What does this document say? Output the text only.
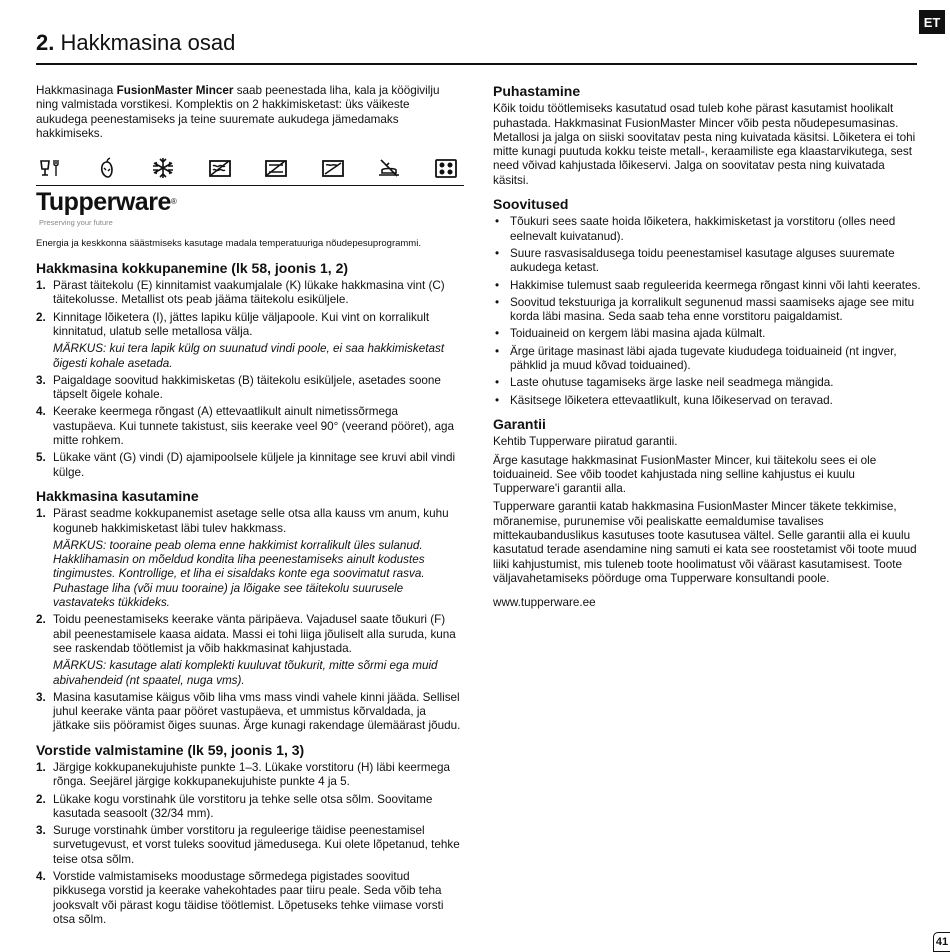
ET
2. Hakkmasina osad

Hakkmasinaga FusionMaster Mincer saab peenestada liha, kala ja köögivilju ning valmistada vorstikesi. Komplektis on 2 hakkimisketast: üks väikeste aukudega peenestamiseks ja teine suuremate aukudega jämedamaks hakkimiseks.

Tupperware®
Preserving your future

Energia ja keskkonna säästmiseks kasutage madala temperatuuriga nõudepesuprogrammi.

Hakkmasina kokkupanemine (lk 58, joonis 1, 2)
1. Pärast täitekolu (E) kinnitamist vaakumjalale (K) lükake hakkmasina vint (C) täitekolusse. Metallist ots peab jääma täitekolu esiküljele.
2. Kinnitage lõiketera (I), jättes lapiku külje väljapoole. Kui vint on korralikult kinnitatud, ulatub selle metallosa välja.

MÄRKUS: kui tera lapik külg on suunatud vindi poole, ei saa hakkimisketast õigesti kohale asetada.

3. Paigaldage soovitud hakkimisketas (B) täitekolu esiküljele, asetades soone täpselt õigele kohale.
4. Keerake keermega rõngast (A) ettevaatlikult ainult nimetissõrmega vastupäeva. Kui tunnete takistust, siis keerake veel 90° (veerand pööret), aga mitte rohkem.
5. Lükake vänt (G) vindi (D) ajamipoolsele küljele ja kinnitage see kruvi abil vindi külge.
Hakkmasina kasutamine
1. Pärast seadme kokkupanemist asetage selle otsa alla kauss vm anum, kuhu koguneb hakkimisketast läbi tulev hakkmass.

MÄRKUS: tooraine peab olema enne hakkimist korralikult üles sulanud. Hakklihamasin on mõeldud kondita liha peenestamiseks ainult kodustes tingimustes. Kontrollige, et liha ei sisaldaks konte ega soovimatut rasva. Puhastage liha (või muu tooraine) ja lõigake see täitekolu suurusele vastavateks tükkideks.

2. Toidu peenestamiseks keerake vänta päripäeva. Vajadusel saate tõukuri (F) abil peenestamisele kaasa aidata. Massi ei tohi liiga jõuliselt alla suruda, kuna see raskendab töötlemist ja võib hakkmasinat kahjustada.

MÄRKUS: kasutage alati komplekti kuuluvat tõukurit, mitte sõrmi ega muid abivahendeid (nt spaatel, nuga vms).

3. Masina kasutamise käigus võib liha vms mass vindi vahele kinni jääda. Sellisel juhul keerake vänta paar pööret vastupäeva, et ummistus kõrvaldada, ja jätkake siis pööramist õiges suunas. Ärge kunagi rakendage ülemäärast jõudu.
Vorstide valmistamine (lk 59, joonis 1, 3)
1. Järgige kokkupanekujuhiste punkte 1–3. Lükake vorstitoru (H) läbi keermega rõnga. Seejärel järgige kokkupanekujuhiste punkte 4 ja 5.
2. Lükake kogu vorstinahk üle vorstitoru ja tehke selle otsa sõlm. Soovitame kasutada seasoolt (32/34 mm).
3. Suruge vorstinahk ümber vorstitoru ja reguleerige täidise peenestamisel survetugevust, et vorst tuleks soovitud jämedusega. Kui olete lõpetanud, tehke teise otsa sõlm.
4. Vorstide valmistamiseks moodustage sõrmedega pigistades soovitud pikkusega vorstid ja keerake vahekohtades paar tiiru peale. Seda võib teha jooksvalt või pärast kogu täidise töötlemist. Lõpetuseks tehke viimase vorsti otsa sõlm.
Puhastamine

Kõik toidu töötlemiseks kasutatud osad tuleb kohe pärast kasutamist hoolikalt puhastada. Hakkmasinat FusionMaster Mincer võib pesta nõudepesumasinas. Metallosi ja jalga on siiski soovitatav pesta ning kuivatada käsitsi. Lõiketera ei tohi mitte kunagi puutuda kokku teiste metall-, keraamiliste ega klaastarvikutega, sest need võivad kahjustada lõikeservi. Jalga on soovitatav pesta ning kuivatada käsitsi.

Soovitused
• Tõukuri sees saate hoida lõiketera, hakkimisketast ja vorstitoru (olles need eelnevalt kuivatanud).
• Suure rasvasisaldusega toidu peenestamisel kasutage alguses suuremate aukudega ketast.
• Hakkimise tulemust saab reguleerida keermega rõngast kinni või lahti keerates.
• Soovitud tekstuuriga ja korralikult segunenud massi saamiseks ajage see mitu korda läbi masina. Seda saab teha enne vorstitoru paigaldamist.
• Toiduaineid on kergem läbi masina ajada külmalt.
• Ärge üritage masinast läbi ajada tugevate kiududega toiduaineid (nt ingver, pähklid ja muud kõvad toiduained).
• Laste ohutuse tagamiseks ärge laske neil seadmega mängida.
• Käsitsege lõiketera ettevaatlikult, kuna lõikeservad on teravad.
Garantii

Kehtib Tupperware piiratud garantii.

Ärge kasutage hakkmasinat FusionMaster Mincer, kui täitekolu sees ei ole toiduaineid. See võib toodet kahjustada ning selline kahjustus ei kuulu Tupperware'i garantii alla.

Tupperware garantii katab hakkmasina FusionMaster Mincer täkete tekkimise, mõranemise, purunemise või pealiskatte eemaldumise tavalises mittekaubanduslikus kasutuses toote kasutusea vältel. Selle garantii alla ei kuulu kasutatud terade asendamine ning samuti ei kata see roostetamist või toote muud liiki kahjustumist, mis tuleneb toote hoolimatust või väärast kasutamisest. Toote väljavahetamiseks pöörduge oma Tupperware konsultandi poole.

www.tupperware.ee

41
